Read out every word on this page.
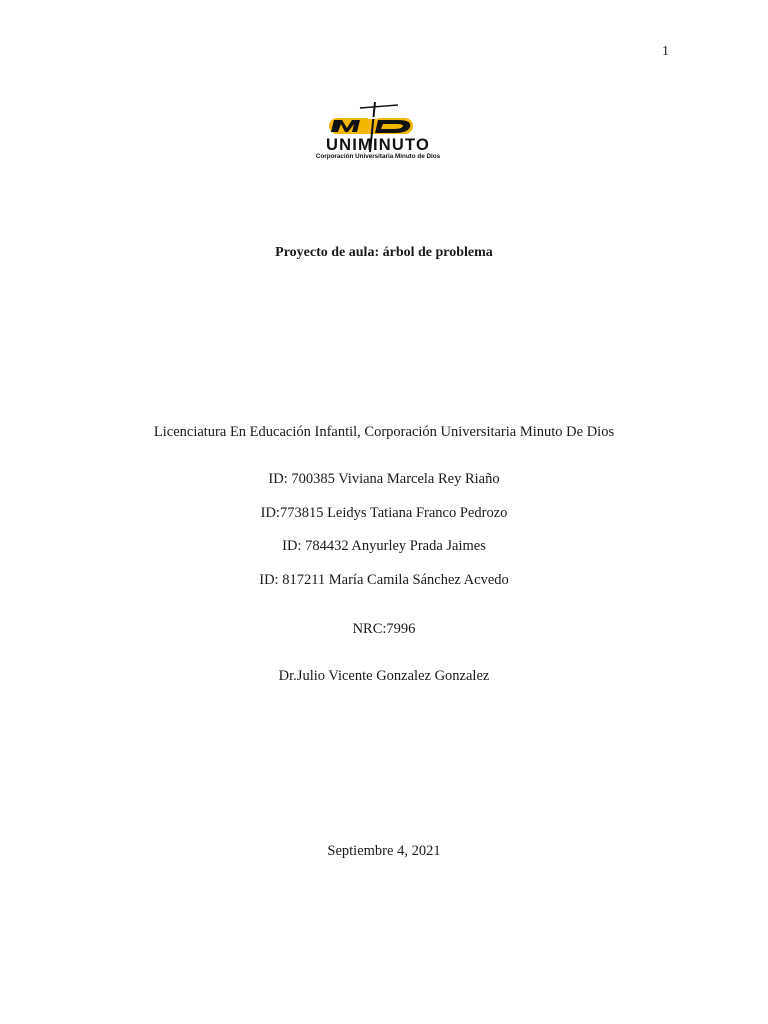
1
UNIMINUTO
Corporación Universitaria Minuto de Dios
Proyecto de aula: árbol de problema
Licenciatura En Educación Infantil, Corporación Universitaria Minuto De Dios
ID: 700385 Viviana Marcela Rey Riaño
ID:773815 Leidys Tatiana Franco Pedrozo
ID: 784432 Anyurley Prada Jaimes
ID: 817211 María Camila Sánchez Acvedo
NRC:7996
Dr.Julio Vicente Gonzalez Gonzalez
Septiembre 4, 2021
